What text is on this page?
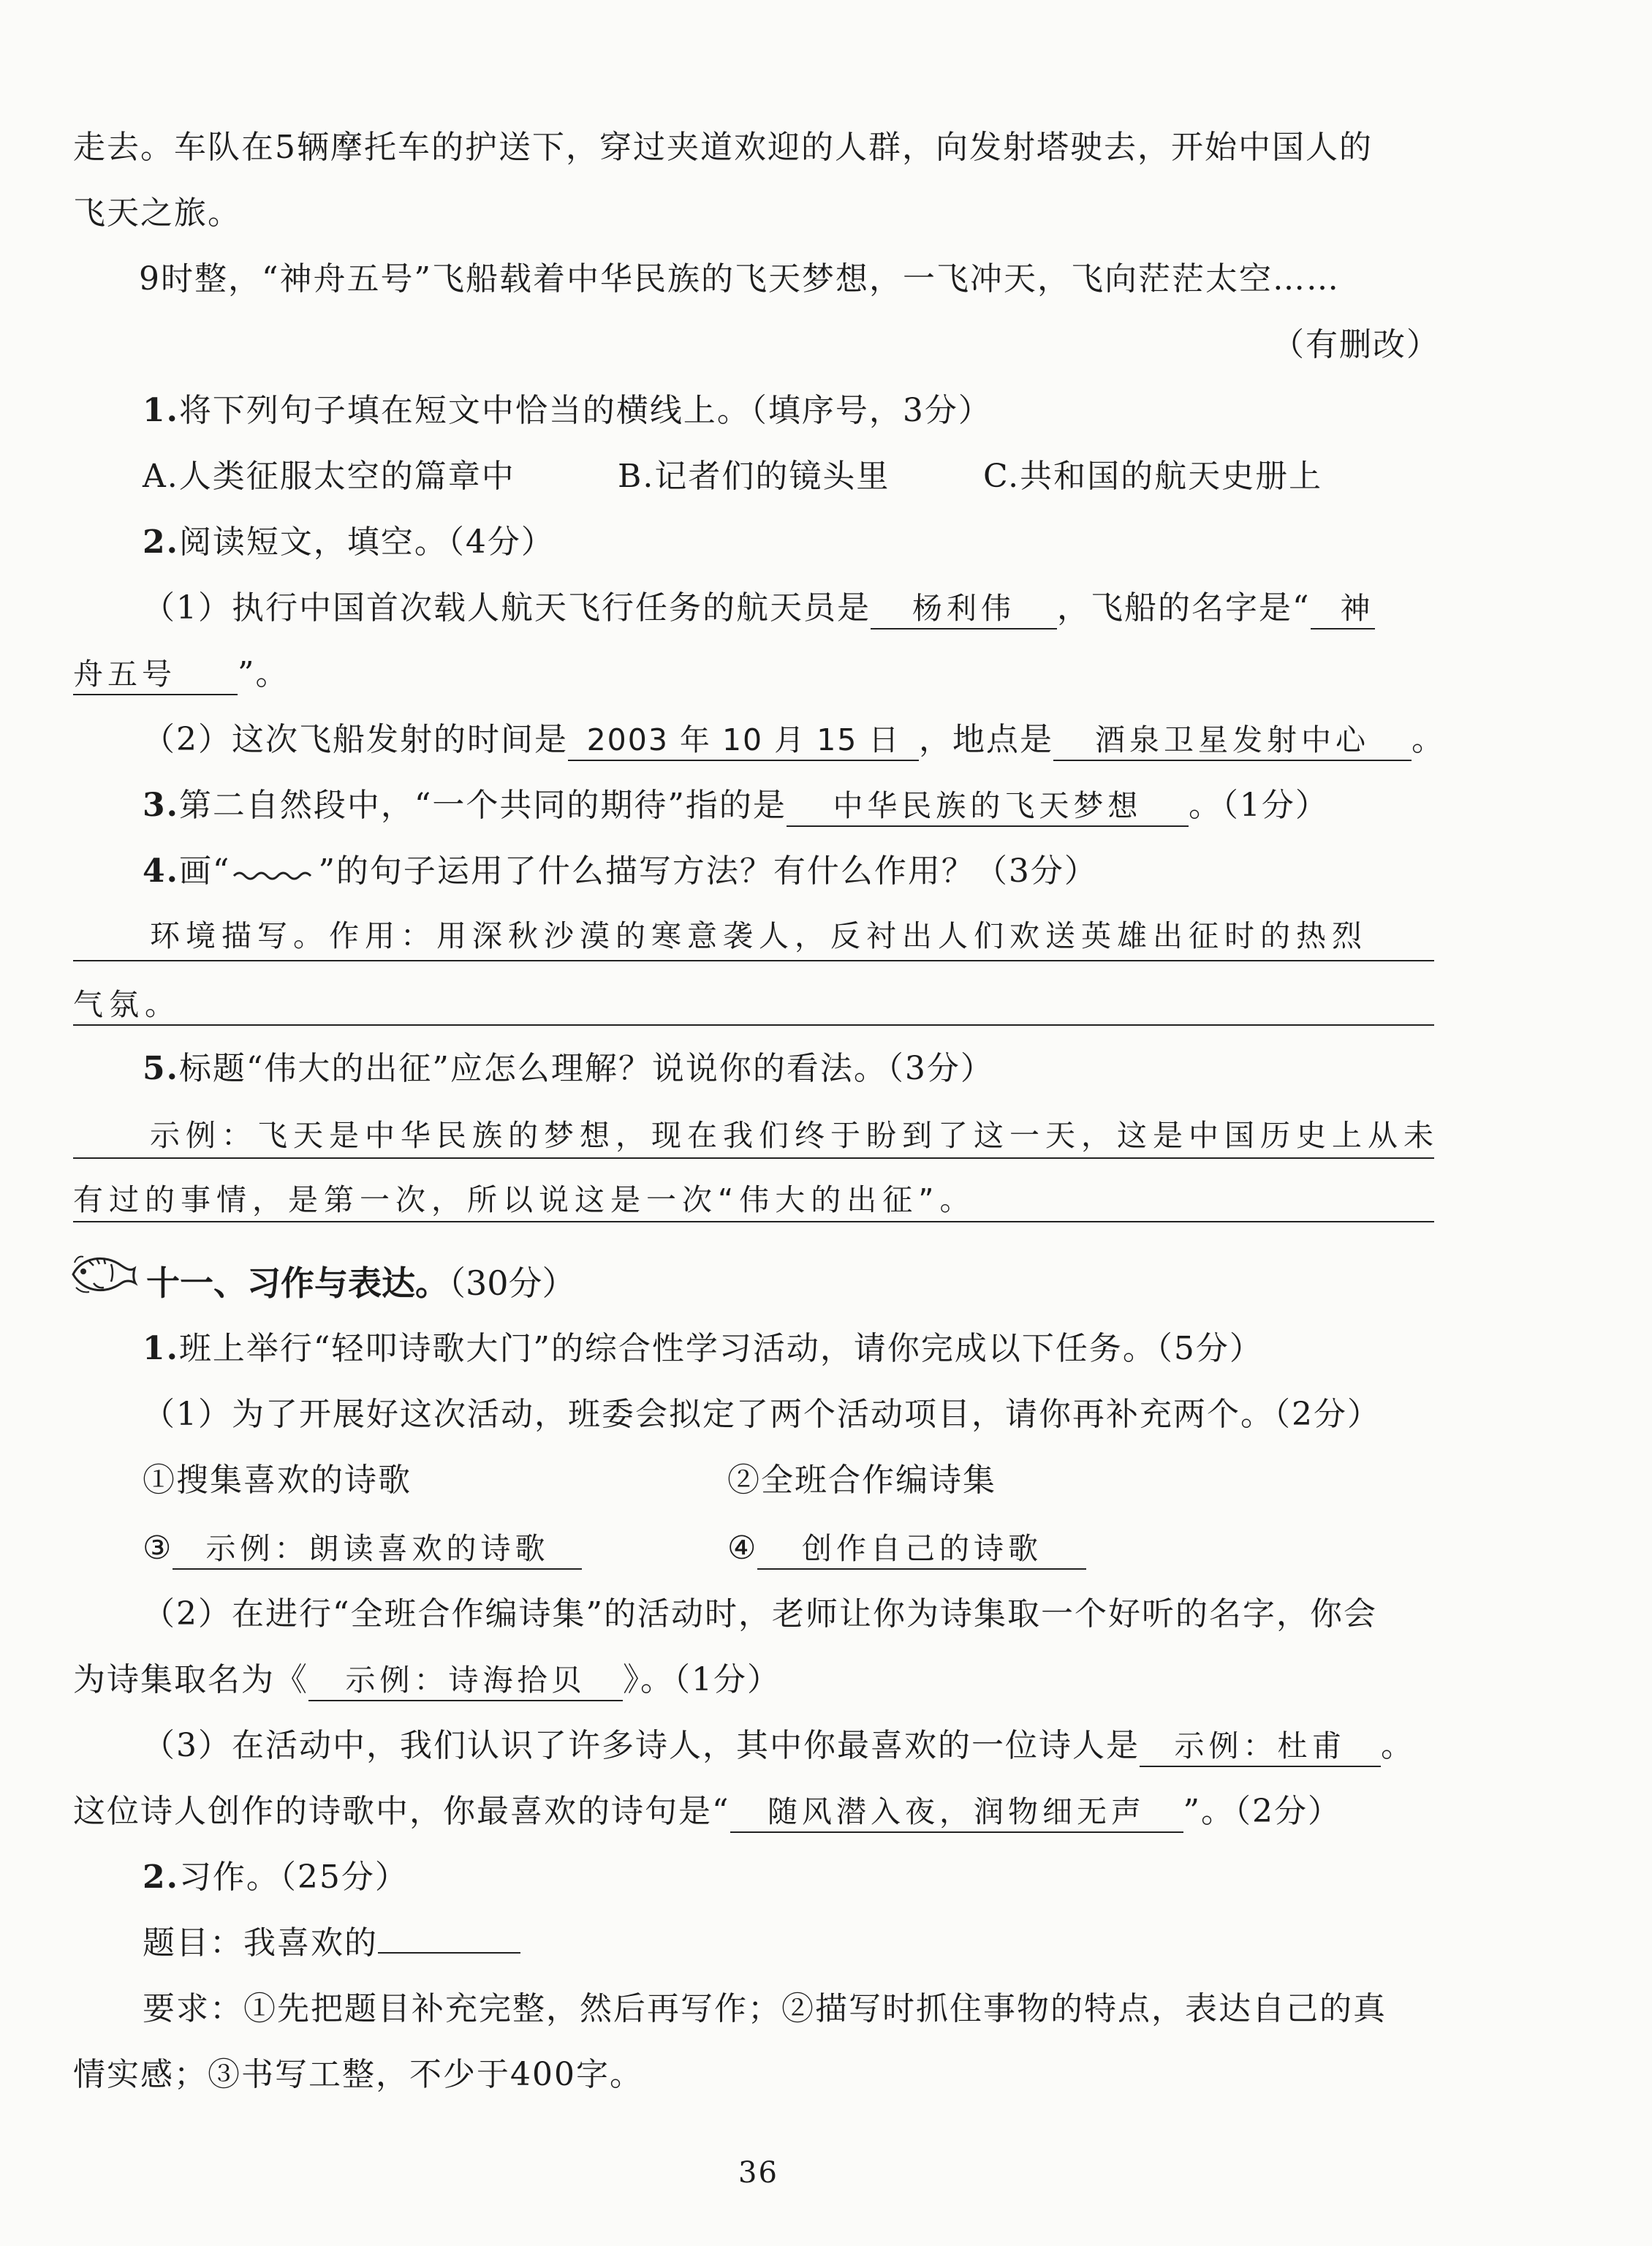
走去。车队在5辆摩托车的护送下，穿过夹道欢迎的人群，向发射塔驶去，开始中国人的
飞天之旅。
9时整，“神舟五号”飞船载着中华民族的飞天梦想，一飞冲天，飞向茫茫太空……
（有删改）
1.将下列句子填在短文中恰当的横线上。（填序号，3分）
A.人类征服太空的篇章中	B.记者们的镜头里	C.共和国的航天史册上
2.阅读短文，填空。（4分）
（1）执行中国首次载人航天飞行任务的航天员是 杨利伟 ，飞船的名字是“ 神
舟五号 ”。
（2）这次飞船发射的时间是 2003 年 10 月 15 日 ，地点是 酒泉卫星发射中心 。
3.第二自然段中，“一个共同的期待”指的是 中华民族的飞天梦想 。（1分）
4.画“	”的句子运用了什么描写方法？有什么作用？（3分）
环境描写。作用：用深秋沙漠的寒意袭人，反衬出人们欢送英雄出征时的热烈
气氛。
5.标题“伟大的出征”应怎么理解？说说你的看法。（3分）
示例：飞天是中华民族的梦想，现在我们终于盼到了这一天，这是中国历史上从未
有过的事情，是第一次，所以说这是一次“伟大的出征”。
十一、习作与表达。（30分）
1.班上举行“轻叩诗歌大门”的综合性学习活动，请你完成以下任务。（5分）
（1）为了开展好这次活动，班委会拟定了两个活动项目，请你再补充两个。（2分）
①搜集喜欢的诗歌	②全班合作编诗集
③ 示例：朗读喜欢的诗歌	④ 创作自己的诗歌
（2）在进行“全班合作编诗集”的活动时，老师让你为诗集取一个好听的名字，你会
为诗集取名为《 示例：诗海拾贝 》。（1分）
（3）在活动中，我们认识了许多诗人，其中你最喜欢的一位诗人是 示例：杜甫 。
这位诗人创作的诗歌中，你最喜欢的诗句是“ 随风潜入夜，润物细无声 ”。（2分）
2.习作。（25分）
题目：我喜欢的
要求：①先把题目补充完整，然后再写作；②描写时抓住事物的特点，表达自己的真
情实感；③书写工整，不少于400字。
36
